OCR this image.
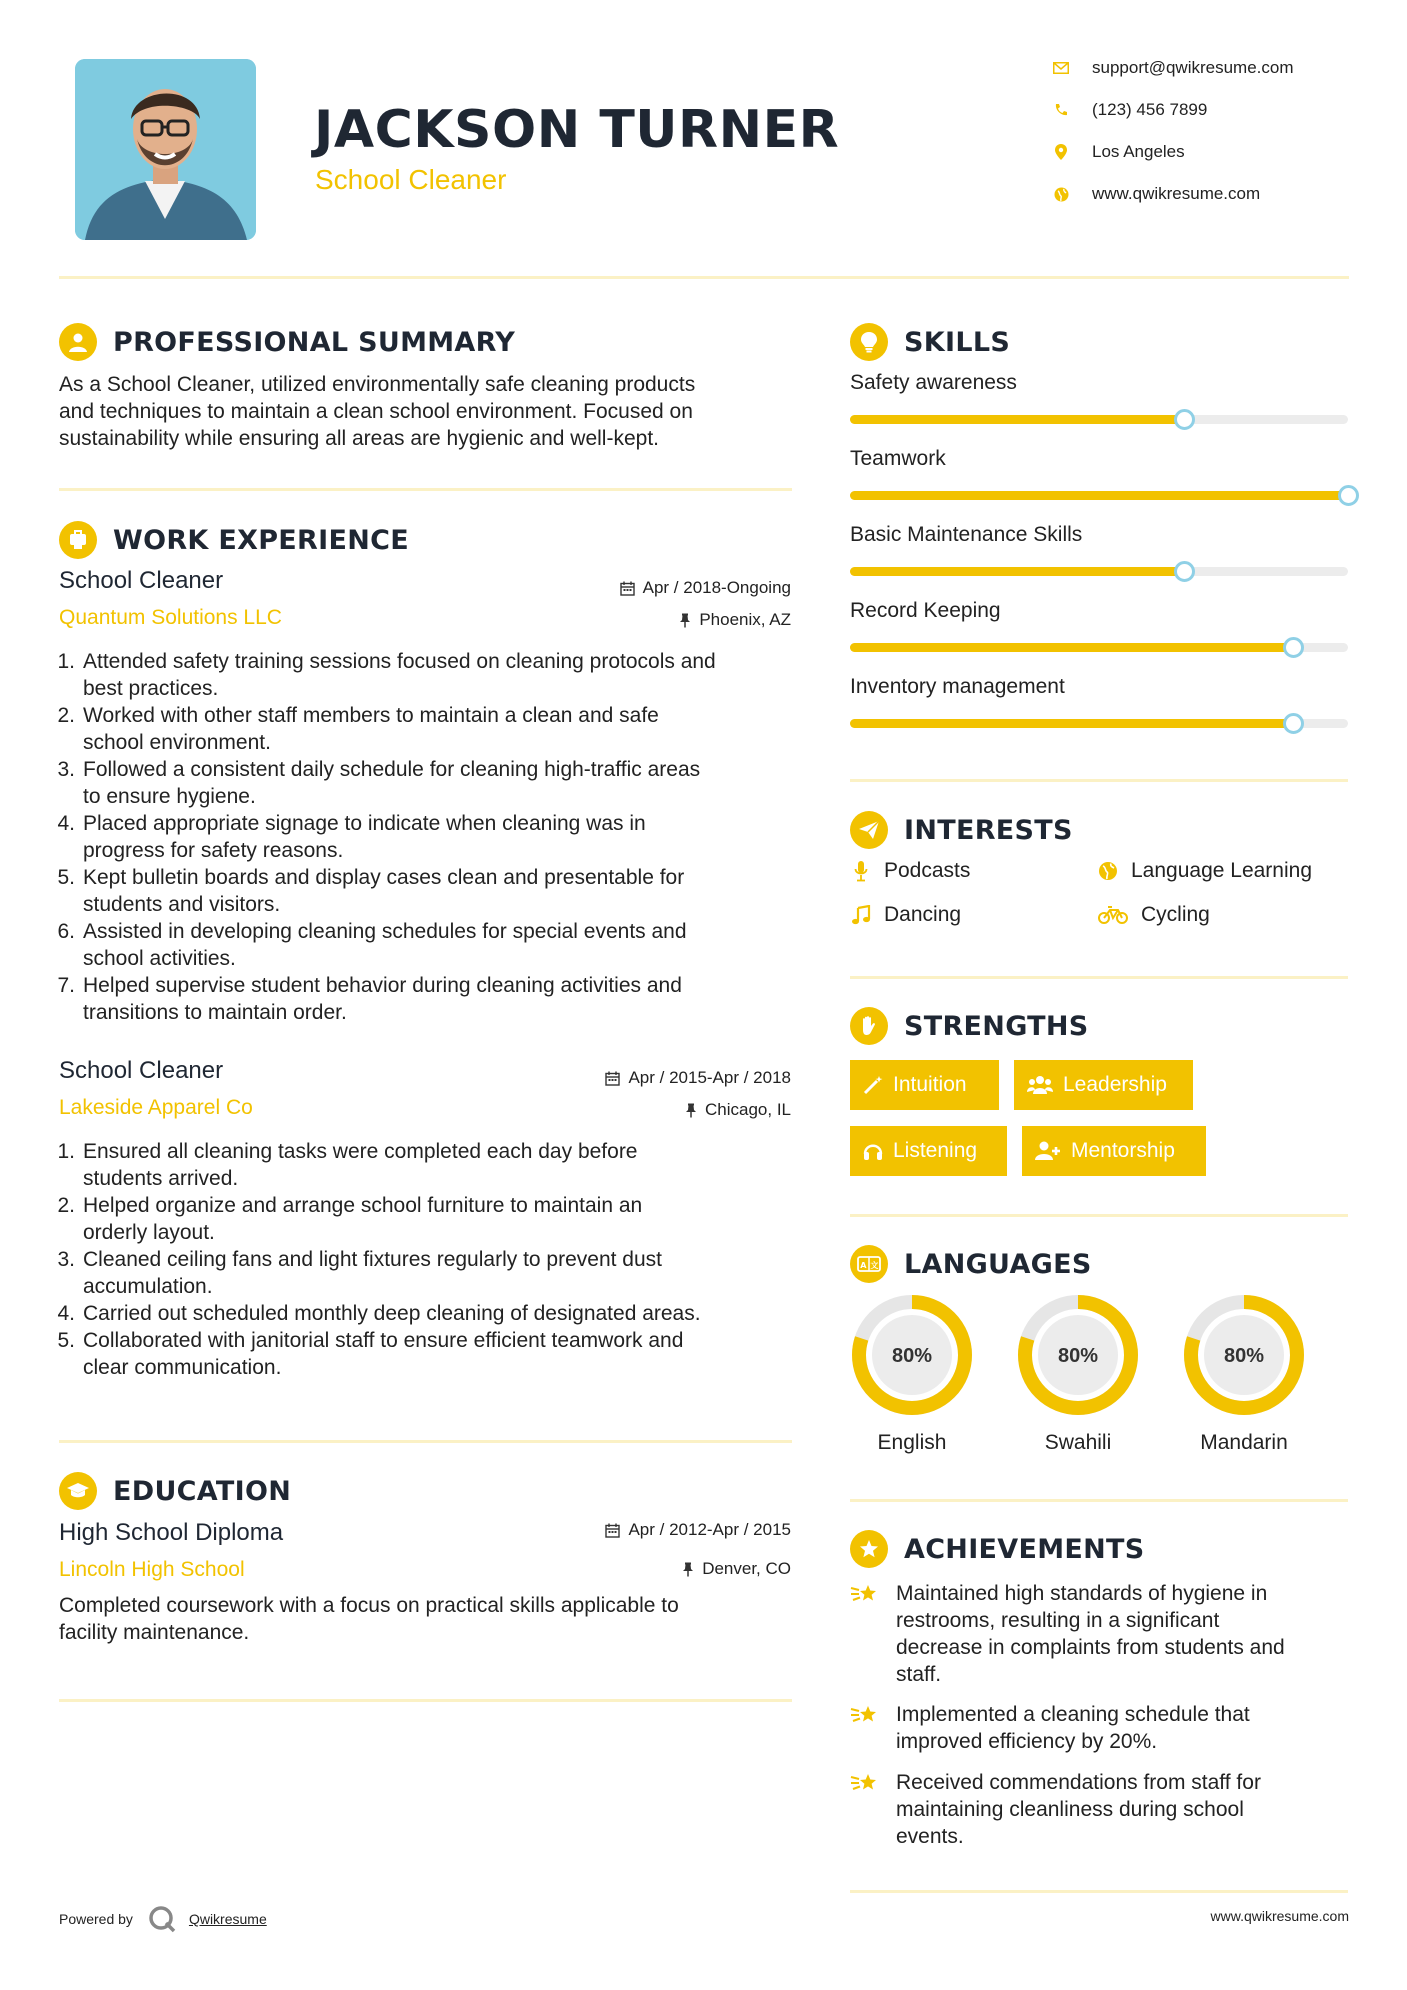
JACKSON TURNER
School Cleaner
support@qwikresume.com
(123) 456 7899
Los Angeles
www.qwikresume.com
PROFESSIONAL SUMMARY
As a School Cleaner, utilized environmentally safe cleaning products
and techniques to maintain a clean school environment. Focused on
sustainability while ensuring all areas are hygienic and well-kept.
WORK EXPERIENCE
School Cleaner
Quantum Solutions LLC
Apr / 2018-Ongoing
Phoenix, AZ
1. Attended safety training sessions focused on cleaning protocols and
best practices.
2. Worked with other staff members to maintain a clean and safe
school environment.
3. Followed a consistent daily schedule for cleaning high-traffic areas
to ensure hygiene.
4. Placed appropriate signage to indicate when cleaning was in
progress for safety reasons.
5. Kept bulletin boards and display cases clean and presentable for
students and visitors.
6. Assisted in developing cleaning schedules for special events and
school activities.
7. Helped supervise student behavior during cleaning activities and
transitions to maintain order.
School Cleaner
Lakeside Apparel Co
Apr / 2015-Apr / 2018
Chicago, IL
1. Ensured all cleaning tasks were completed each day before
students arrived.
2. Helped organize and arrange school furniture to maintain an
orderly layout.
3. Cleaned ceiling fans and light fixtures regularly to prevent dust
accumulation.
4. Carried out scheduled monthly deep cleaning of designated areas.
5. Collaborated with janitorial staff to ensure efficient teamwork and
clear communication.
EDUCATION
High School Diploma
Lincoln High School
Apr / 2012-Apr / 2015
Denver, CO
Completed coursework with a focus on practical skills applicable to
facility maintenance.
SKILLS
Safety awareness
Teamwork
Basic Maintenance Skills
Record Keeping
Inventory management
INTERESTS
Podcasts	Language Learning
Dancing	Cycling
STRENGTHS
Intuition	Leadership
Listening	Mentorship
A 文 LANGUAGES
80%
English
80%
Swahili
80%
Mandarin
ACHIEVEMENTS
Maintained high standards of hygiene in
restrooms, resulting in a significant
decrease in complaints from students and
staff.
Implemented a cleaning schedule that
improved efficiency by 20%.
Received commendations from staff for
maintaining cleanliness during school
events.
Powered by	Qwikresume	www.qwikresume.com
